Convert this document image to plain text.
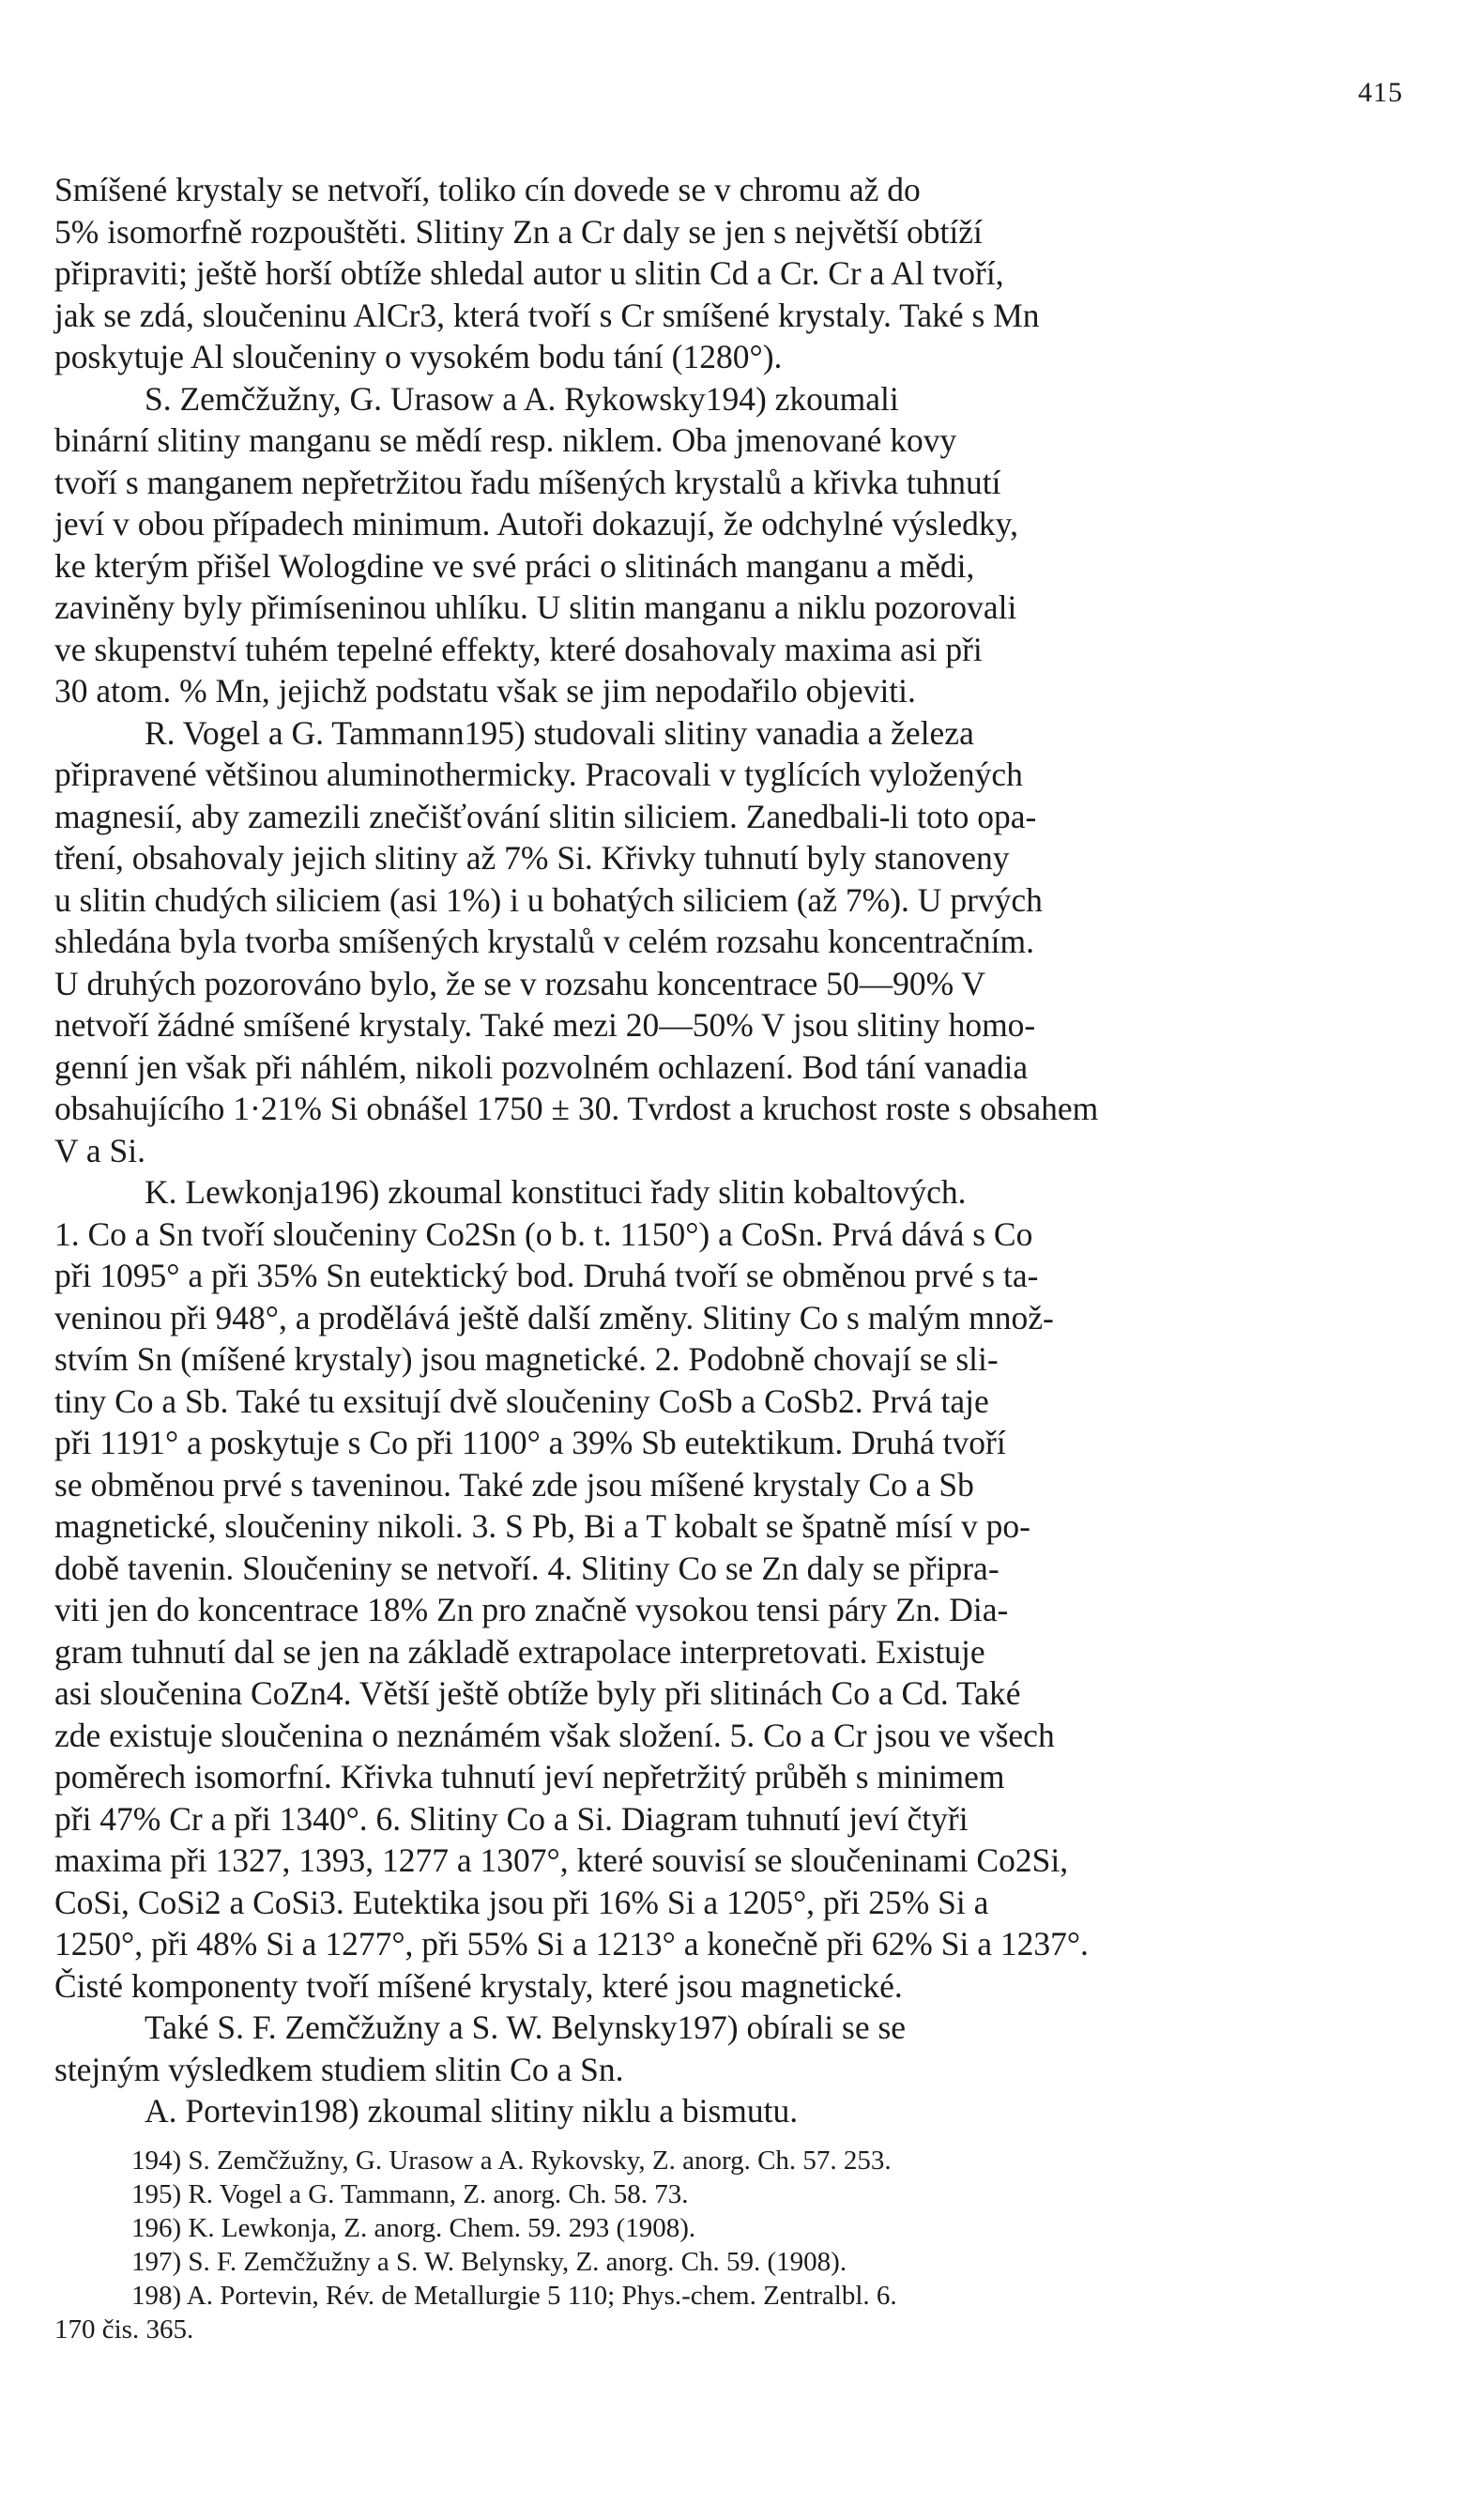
415
Smíšené krystaly se netvoří, toliko cín dovede se v chromu až do
5% isomorfně rozpouštěti. Slitiny Zn a Cr daly se jen s největší obtíží
připraviti; ještě horší obtíže shledal autor u slitin Cd a Cr. Cr a Al tvoří,
jak se zdá, sloučeninu AlCr3, která tvoří s Cr smíšené krystaly. Také s Mn
poskytuje Al sloučeniny o vysokém bodu tání (1280°).
S. Zemčžužny, G. Urasow a A. Rykowsky194) zkoumali
binární slitiny manganu se mědí resp. niklem. Oba jmenované kovy
tvoří s manganem nepřetržitou řadu míšených krystalů a křivka tuhnutí
jeví v obou případech minimum. Autoři dokazují, že odchylné výsledky,
ke kterým přišel Wologdine ve své práci o slitinách manganu a mědi,
zaviněny byly přimíseninou uhlíku. U slitin manganu a niklu pozorovali
ve skupenství tuhém tepelné effekty, které dosahovaly maxima asi při
30 atom. % Mn, jejichž podstatu však se jim nepodařilo objeviti.
R. Vogel a G. Tammann195) studovali slitiny vanadia a železa
připravené většinou aluminothermicky. Pracovali v tyglících vyložených
magnesií, aby zamezili znečišťování slitin siliciem. Zanedbali-li toto opa-
tření, obsahovaly jejich slitiny až 7% Si. Křivky tuhnutí byly stanoveny
u slitin chudých siliciem (asi 1%) i u bohatých siliciem (až 7%). U prvých
shledána byla tvorba smíšených krystalů v celém rozsahu koncentračním.
U druhých pozorováno bylo, že se v rozsahu koncentrace 50—90% V
netvoří žádné smíšené krystaly. Také mezi 20—50% V jsou slitiny homo-
genní jen však při náhlém, nikoli pozvolném ochlazení. Bod tání vanadia
obsahujícího 1·21% Si obnášel 1750 ± 30. Tvrdost a kruchost roste s obsahem
V a Si.
K. Lewkonja196) zkoumal konstituci řady slitin kobaltových.
1. Co a Sn tvoří sloučeniny Co2Sn (o b. t. 1150°) a CoSn. Prvá dává s Co
při 1095° a při 35% Sn eutektický bod. Druhá tvoří se obměnou prvé s ta-
veninou při 948°, a prodělává ještě další změny. Slitiny Co s malým množ-
stvím Sn (míšené krystaly) jsou magnetické. 2. Podobně chovají se sli-
tiny Co a Sb. Také tu exsitují dvě sloučeniny CoSb a CoSb2. Prvá taje
při 1191° a poskytuje s Co při 1100° a 39% Sb eutektikum. Druhá tvoří
se obměnou prvé s taveninou. Také zde jsou míšené krystaly Co a Sb
magnetické, sloučeniny nikoli. 3. S Pb, Bi a T kobalt se špatně mísí v po-
době tavenin. Sloučeniny se netvoří. 4. Slitiny Co se Zn daly se připra-
viti jen do koncentrace 18% Zn pro značně vysokou tensi páry Zn. Dia-
gram tuhnutí dal se jen na základě extrapolace interpretovati. Existuje
asi sloučenina CoZn4. Větší ještě obtíže byly při slitinách Co a Cd. Také
zde existuje sloučenina o neznámém však složení. 5. Co a Cr jsou ve všech
poměrech isomorfní. Křivka tuhnutí jeví nepřetržitý průběh s minimem
při 47% Cr a při 1340°. 6. Slitiny Co a Si. Diagram tuhnutí jeví čtyři
maxima při 1327, 1393, 1277 a 1307°, které souvisí se sloučeninami Co2Si,
CoSi, CoSi2 a CoSi3. Eutektika jsou při 16% Si a 1205°, při 25% Si a
1250°, při 48% Si a 1277°, při 55% Si a 1213° a konečně při 62% Si a 1237°.
Čisté komponenty tvoří míšené krystaly, které jsou magnetické.
Také S. F. Zemčžužny a S. W. Belynsky197) obírali se se
stejným výsledkem studiem slitin Co a Sn.
A. Portevin198) zkoumal slitiny niklu a bismutu.
194) S. Zemčžužny, G. Urasow a A. Rykovsky, Z. anorg. Ch. 57. 253.
195) R. Vogel a G. Tammann, Z. anorg. Ch. 58. 73.
196) K. Lewkonja, Z. anorg. Chem. 59. 293 (1908).
197) S. F. Zemčžužny a S. W. Belynsky, Z. anorg. Ch. 59. (1908).
198) A. Portevin, Rév. de Metallurgie 5 110; Phys.-chem. Zentralbl. 6.
170 čis. 365.
